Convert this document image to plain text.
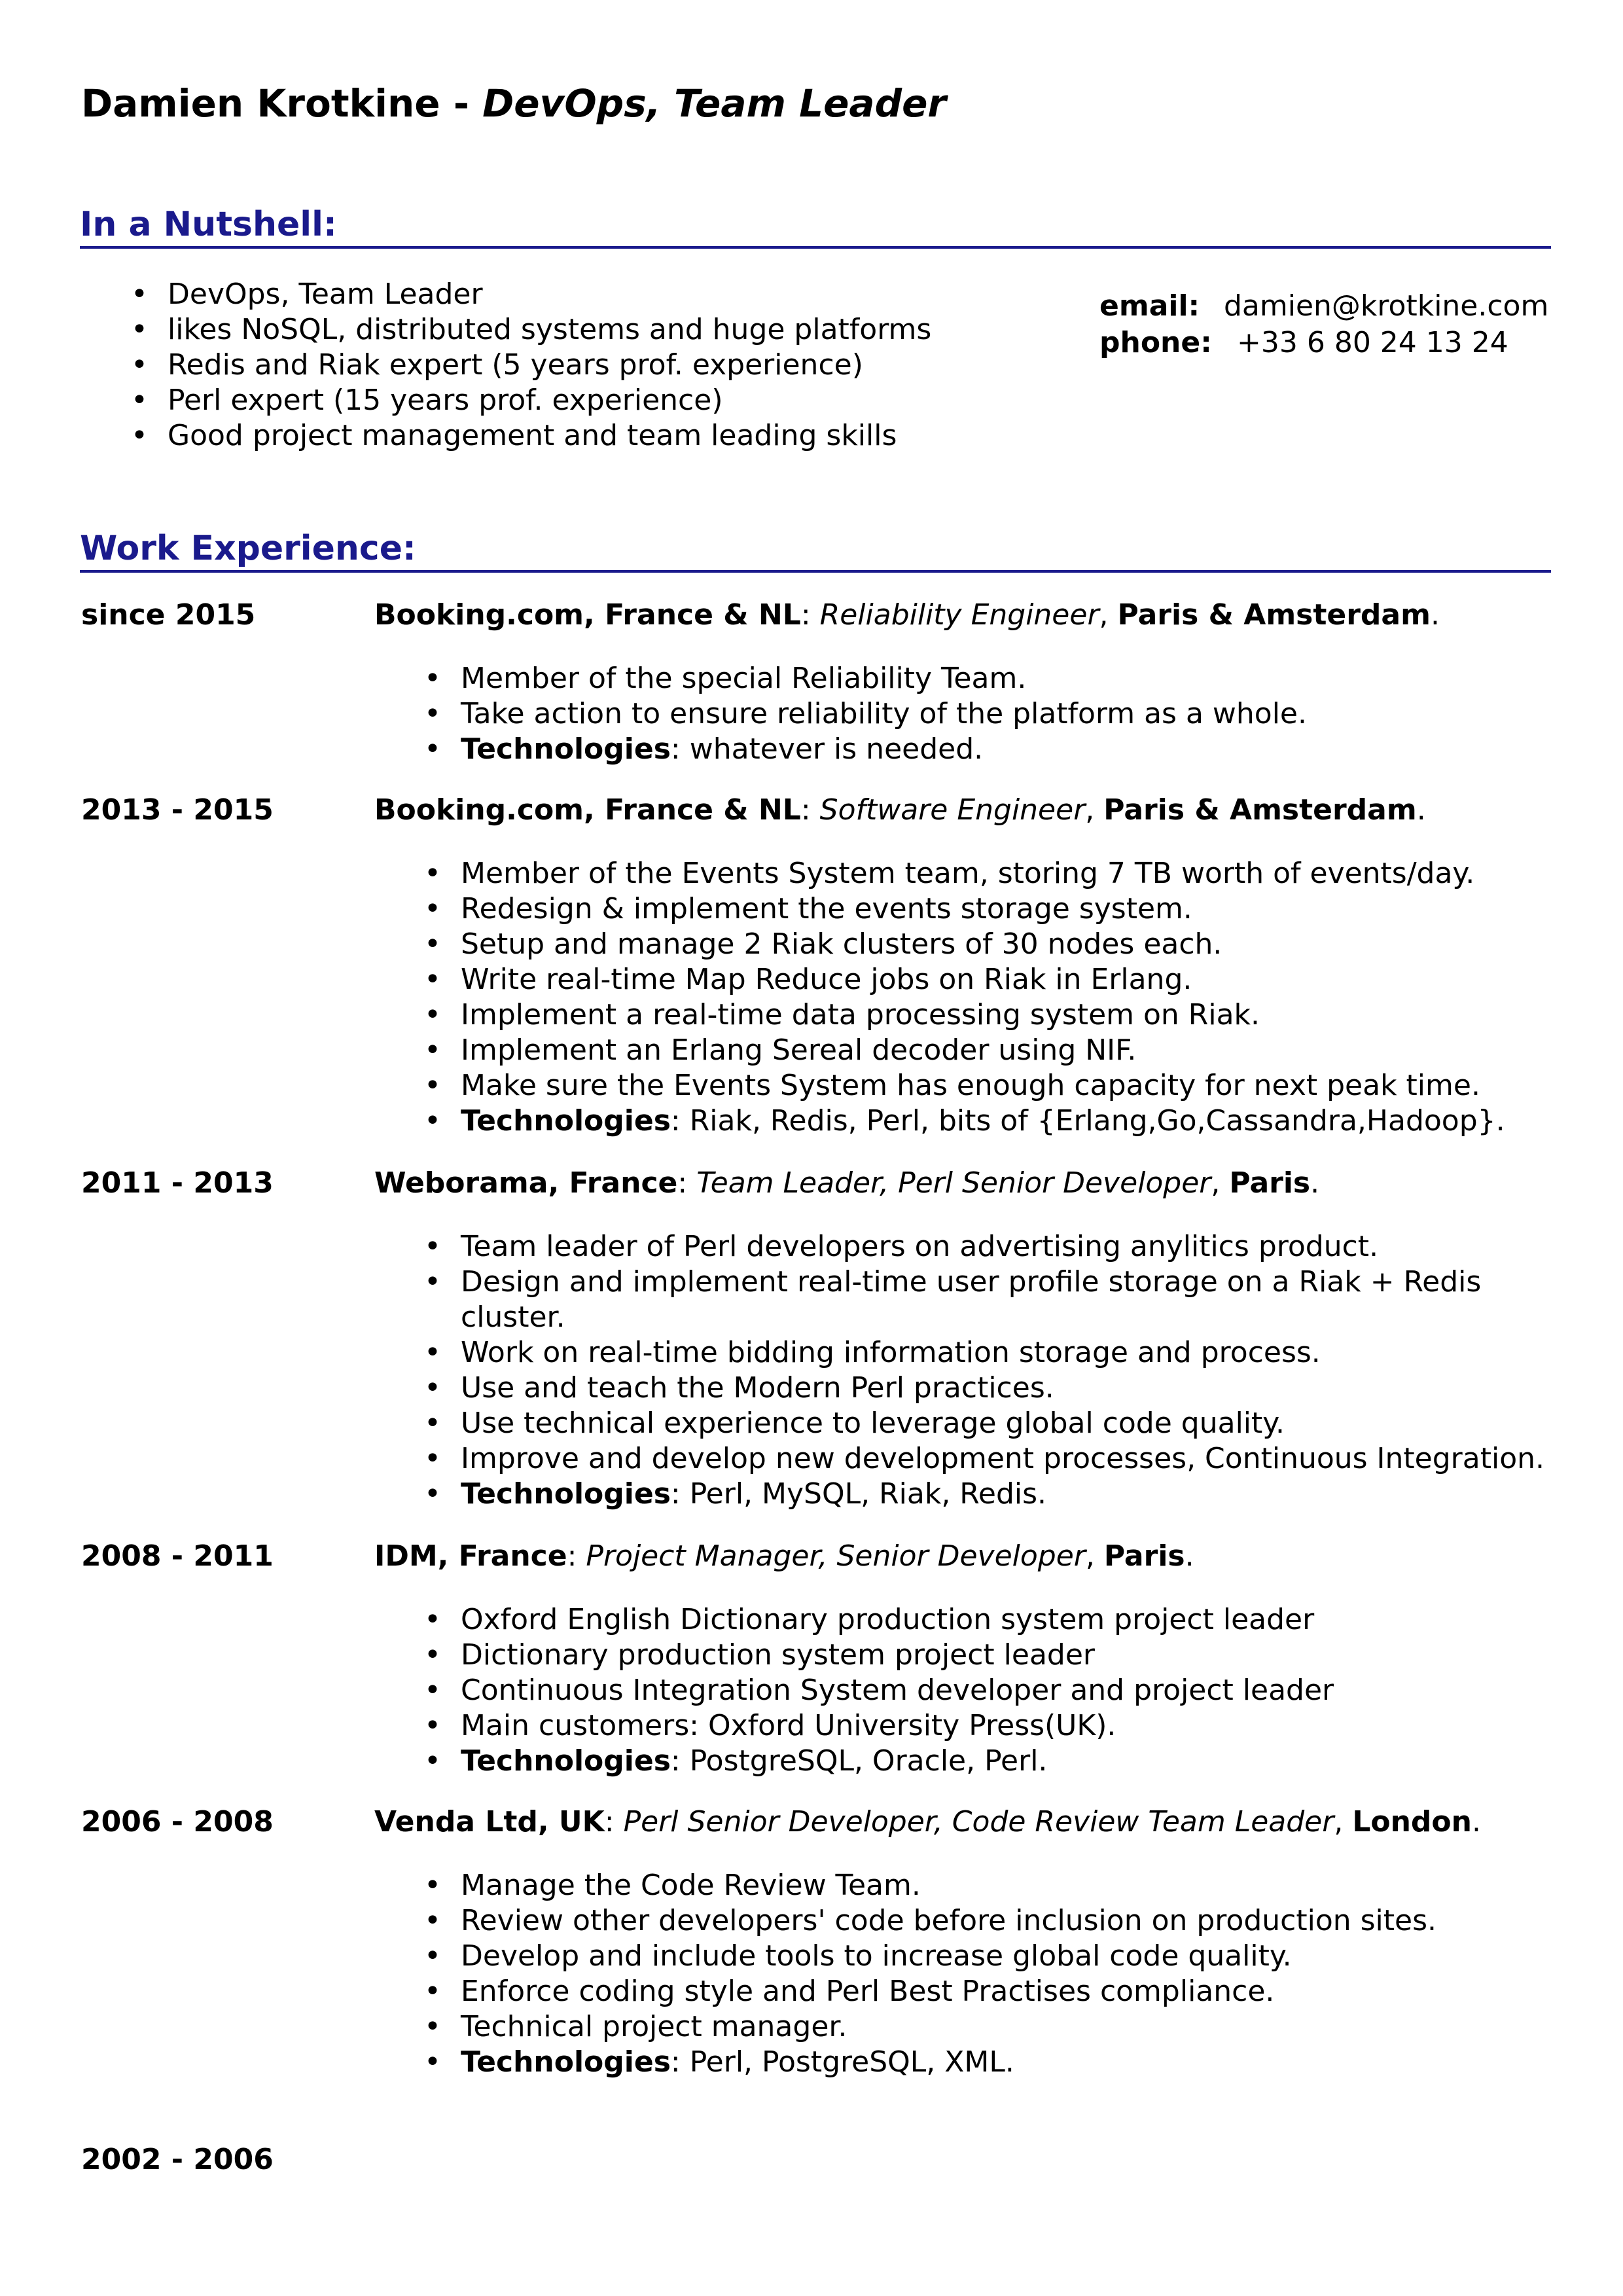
Damien Krotkine - DevOps, Team Leader
In a Nutshell:
• DevOps, Team Leader
• likes NoSQL, distributed systems and huge platforms
• Redis and Riak expert (5 years prof. experience)
• Perl expert (15 years prof. experience)
• Good project management and team leading skills
email: damien@krotkine.com
phone: +33 6 80 24 13 24
Work Experience:
since 2015	Booking.com, France & NL: Reliability Engineer, Paris & Amsterdam.
• Member of the special Reliability Team.
• Take action to ensure reliability of the platform as a whole.
• Technologies: whatever is needed.
2013 - 2015	Booking.com, France & NL: Software Engineer, Paris & Amsterdam.
• Member of the Events System team, storing 7 TB worth of events/day.
• Redesign & implement the events storage system.
• Setup and manage 2 Riak clusters of 30 nodes each.
• Write real-time Map Reduce jobs on Riak in Erlang.
• Implement a real-time data processing system on Riak.
• Implement an Erlang Sereal decoder using NIF.
• Make sure the Events System has enough capacity for next peak time.
• Technologies: Riak, Redis, Perl, bits of {Erlang,Go,Cassandra,Hadoop}.
2011 - 2013	Weborama, France: Team Leader, Perl Senior Developer, Paris.
• Team leader of Perl developers on advertising anylitics product.
• Design and implement real-time user profile storage on a Riak + Redis cluster.
• Work on real-time bidding information storage and process.
• Use and teach the Modern Perl practices.
• Use technical experience to leverage global code quality.
• Improve and develop new development processes, Continuous Integration.
• Technologies: Perl, MySQL, Riak, Redis.
2008 - 2011	IDM, France: Project Manager, Senior Developer, Paris.
• Oxford English Dictionary production system project leader
• Dictionary production system project leader
• Continuous Integration System developer and project leader
• Main customers: Oxford University Press(UK).
• Technologies: PostgreSQL, Oracle, Perl.
2006 - 2008	Venda Ltd, UK: Perl Senior Developer, Code Review Team Leader, London.
• Manage the Code Review Team.
• Review other developers' code before inclusion on production sites.
• Develop and include tools to increase global code quality.
• Enforce coding style and Perl Best Practises compliance.
• Technical project manager.
• Technologies: Perl, PostgreSQL, XML.
2002 - 2006
